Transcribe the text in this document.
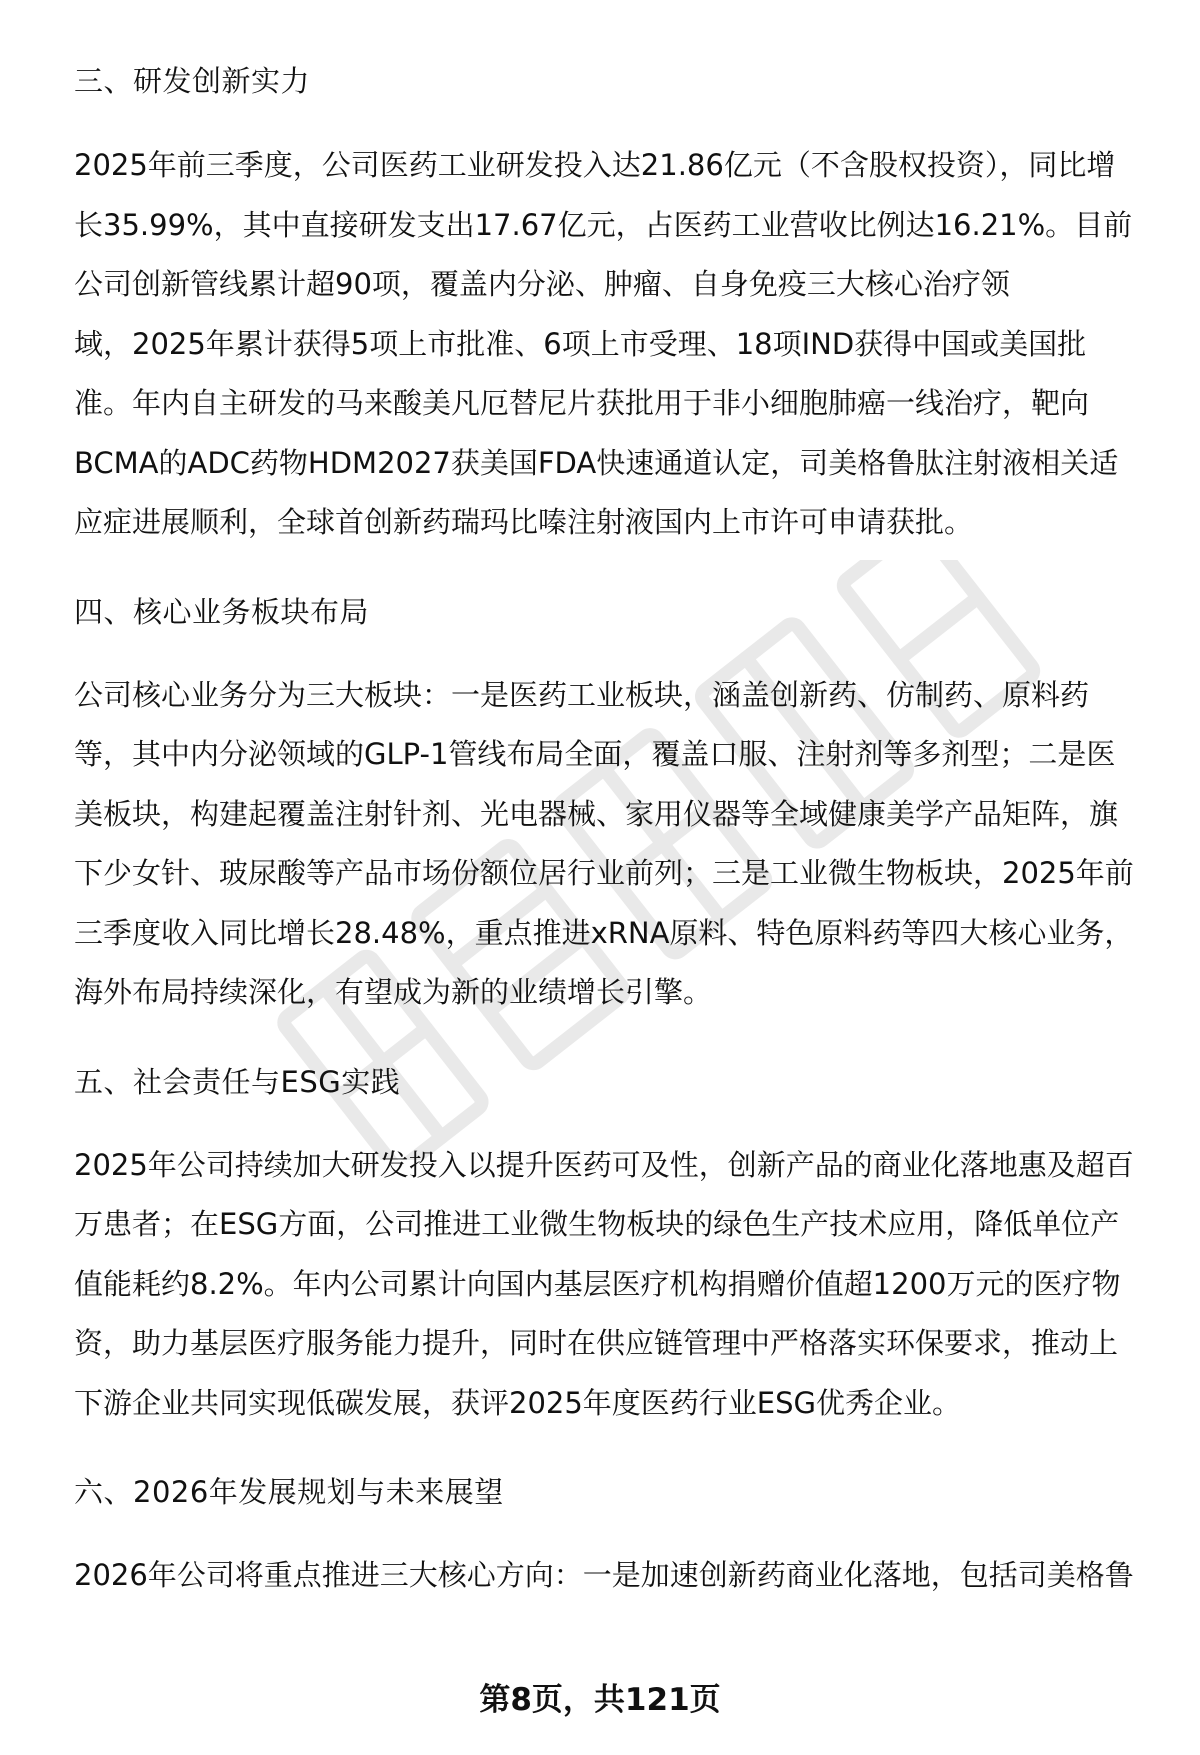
三、研发创新实力
2025年前三季度，公司医药工业研发投入达21.86亿元（不含股权投资），同比增
长35.99%，其中直接研发支出17.67亿元，占医药工业营收比例达16.21%。目前
公司创新管线累计超90项，覆盖内分泌、肿瘤、自身免疫三大核心治疗领
域，2025年累计获得5项上市批准、6项上市受理、18项IND获得中国或美国批
准。年内自主研发的马来酸美凡厄替尼片获批用于非小细胞肺癌一线治疗，靶向
BCMA的ADC药物HDM2027获美国FDA快速通道认定，司美格鲁肽注射液相关适
应症进展顺利，全球首创新药瑞玛比嗪注射液国内上市许可申请获批。
四、核心业务板块布局
公司核心业务分为三大板块：一是医药工业板块，涵盖创新药、仿制药、原料药
等，其中内分泌领域的GLP-1管线布局全面，覆盖口服、注射剂等多剂型；二是医
美板块，构建起覆盖注射针剂、光电器械、家用仪器等全域健康美学产品矩阵，旗
下少女针、玻尿酸等产品市场份额位居行业前列；三是工业微生物板块，2025年前
三季度收入同比增长28.48%，重点推进xRNA原料、特色原料药等四大核心业务，
海外布局持续深化，有望成为新的业绩增长引擎。
五、社会责任与ESG实践
2025年公司持续加大研发投入以提升医药可及性，创新产品的商业化落地惠及超百
万患者；在ESG方面，公司推进工业微生物板块的绿色生产技术应用，降低单位产
值能耗约8.2%。年内公司累计向国内基层医疗机构捐赠价值超1200万元的医疗物
资，助力基层医疗服务能力提升，同时在供应链管理中严格落实环保要求，推动上
下游企业共同实现低碳发展，获评2025年度医药行业ESG优秀企业。
六、2026年发展规划与未来展望
2026年公司将重点推进三大核心方向：一是加速创新药商业化落地，包括司美格鲁
第8页，共121页
